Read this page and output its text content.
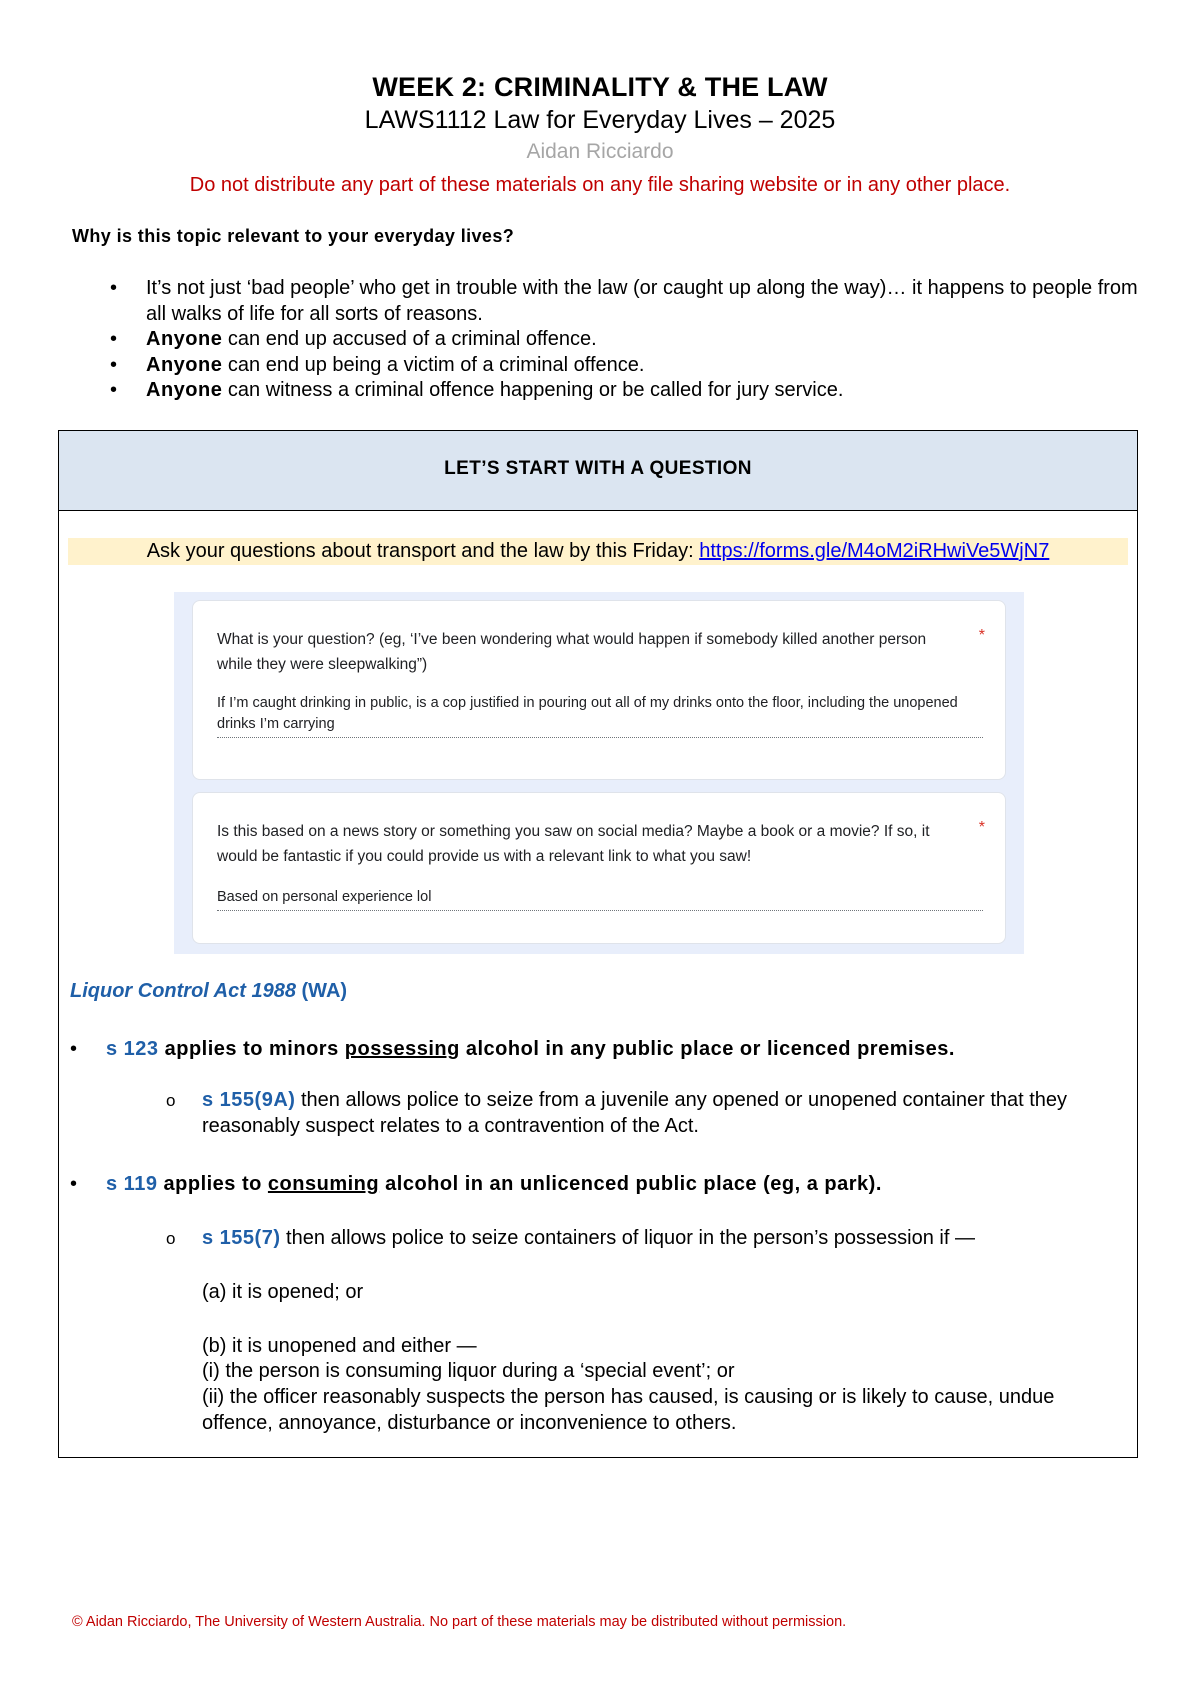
WEEK 2: CRIMINALITY & THE LAW
LAWS1112 Law for Everyday Lives – 2025
Aidan Ricciardo
Do not distribute any part of these materials on any file sharing website or in any other place.
Why is this topic relevant to your everyday lives?
• It’s not just ‘bad people’ who get in trouble with the law (or caught up along the way)… it happens to people from all walks of life for all sorts of reasons.
• Anyone can end up accused of a criminal offence.
• Anyone can end up being a victim of a criminal offence.
• Anyone can witness a criminal offence happening or be called for jury service.
LET’S START WITH A QUESTION
Ask your questions about transport and the law by this Friday: https://forms.gle/M4oM2iRHwiVe5WjN7
What is your question? (eg, ‘I’ve been wondering what would happen if somebody killed another person while they were sleepwalking”)
*
If I’m caught drinking in public, is a cop justified in pouring out all of my drinks onto the floor, including the unopened drinks I’m carrying
Is this based on a news story or something you saw on social media? Maybe a book or a movie? If so, it would be fantastic if you could provide us with a relevant link to what you saw!
*
Based on personal experience lol
Liquor Control Act 1988 (WA)
• s 123 applies to minors possessing alcohol in any public place or licenced premises.
o s 155(9A) then allows police to seize from a juvenile any opened or unopened container that they reasonably suspect relates to a contravention of the Act.
• s 119 applies to consuming alcohol in an unlicenced public place (eg, a park).
o s 155(7) then allows police to seize containers of liquor in the person’s possession if —
(a) it is opened; or
(b) it is unopened and either —
(i) the person is consuming liquor during a ‘special event’; or
(ii) the officer reasonably suspects the person has caused, is causing or is likely to cause, undue offence, annoyance, disturbance or inconvenience to others.
© Aidan Ricciardo, The University of Western Australia. No part of these materials may be distributed without permission.
